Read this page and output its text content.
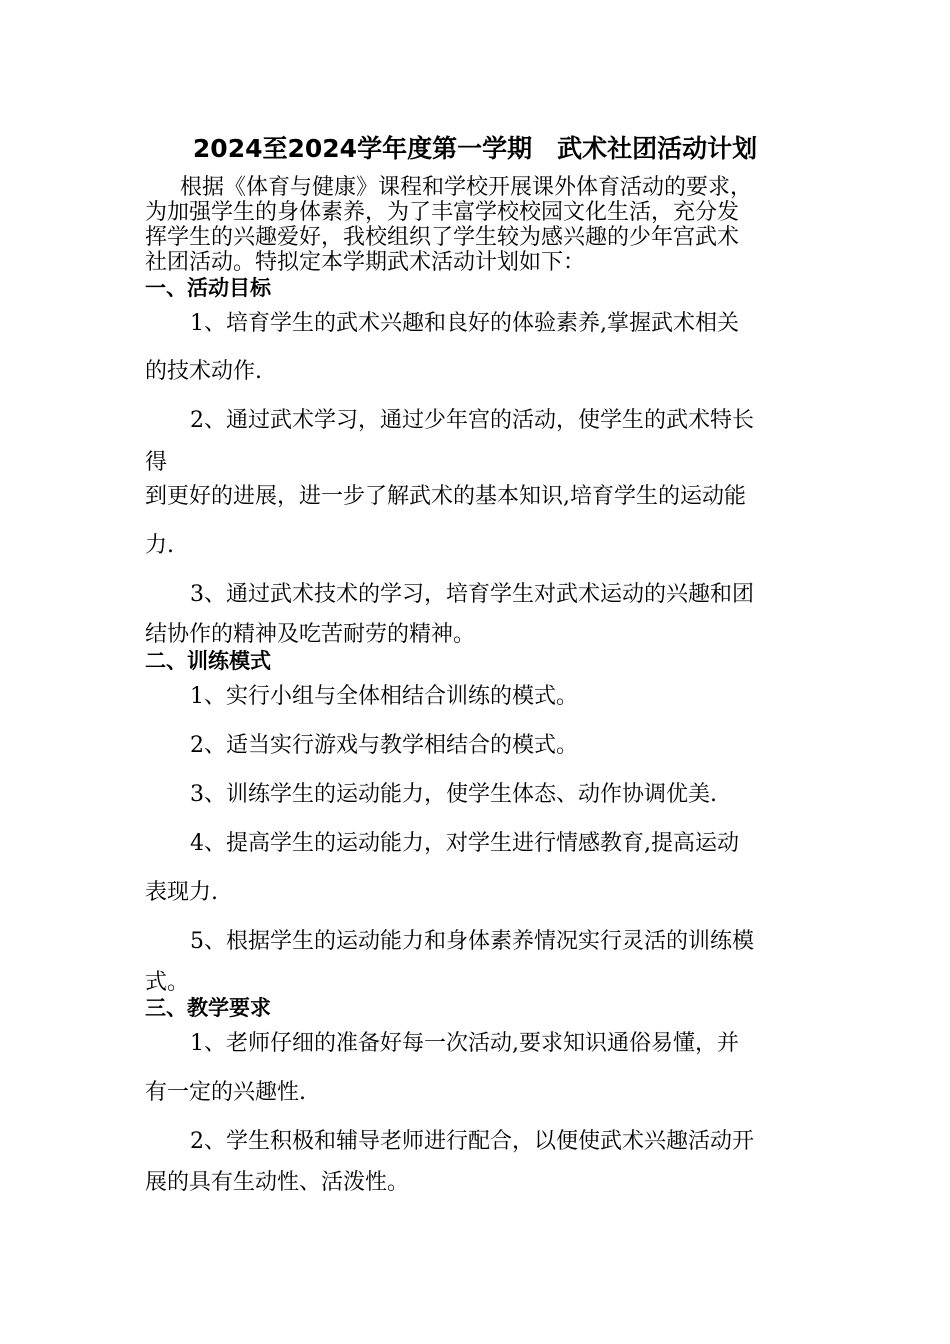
2024至2024学年度第一学期　武术社团活动计划
根据《体育与健康》课程和学校开展课外体育活动的要求，
为加强学生的身体素养，为了丰富学校校园文化生活，充分发
挥学生的兴趣爱好，我校组织了学生较为感兴趣的少年宫武术
社团活动。特拟定本学期武术活动计划如下：
一、活动目标
1、培育学生的武术兴趣和良好的体验素养,掌握武术相关
的技术动作.
2、通过武术学习，通过少年宫的活动，使学生的武术特长
得
到更好的进展，进一步了解武术的基本知识,培育学生的运动能
力.
3、通过武术技术的学习，培育学生对武术运动的兴趣和团
结协作的精神及吃苦耐劳的精神。
二、训练模式
1、实行小组与全体相结合训练的模式。
2、适当实行游戏与教学相结合的模式。
3、训练学生的运动能力，使学生体态、动作协调优美.
4、提高学生的运动能力，对学生进行情感教育,提高运动
表现力.
5、根据学生的运动能力和身体素养情况实行灵活的训练模
式。
三、教学要求
1、老师仔细的准备好每一次活动,要求知识通俗易懂，并
有一定的兴趣性.
2、学生积极和辅导老师进行配合，以便使武术兴趣活动开
展的具有生动性、活泼性。
